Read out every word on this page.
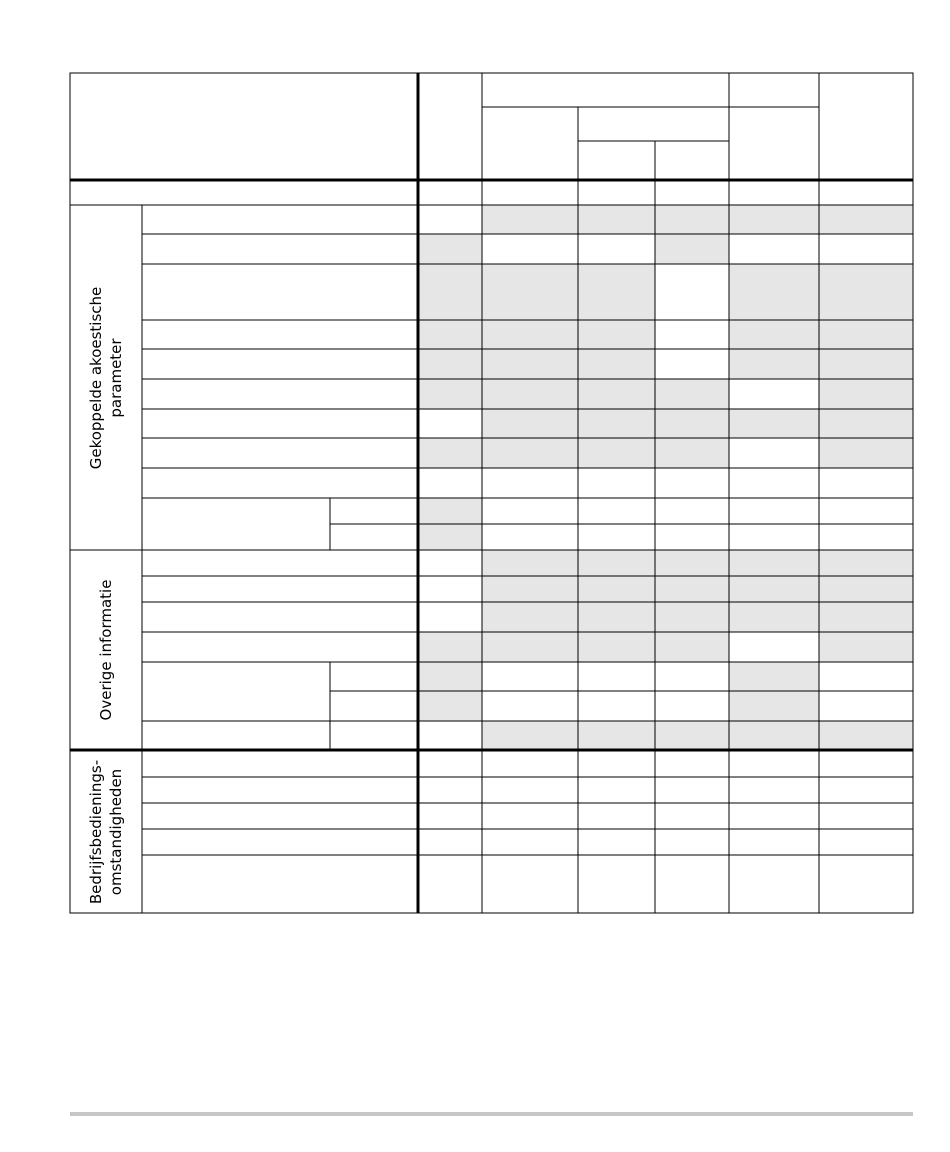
Gekoppelde akoestische parameter
Overige informatie
Bedrijfsbedienings- omstandigheden
